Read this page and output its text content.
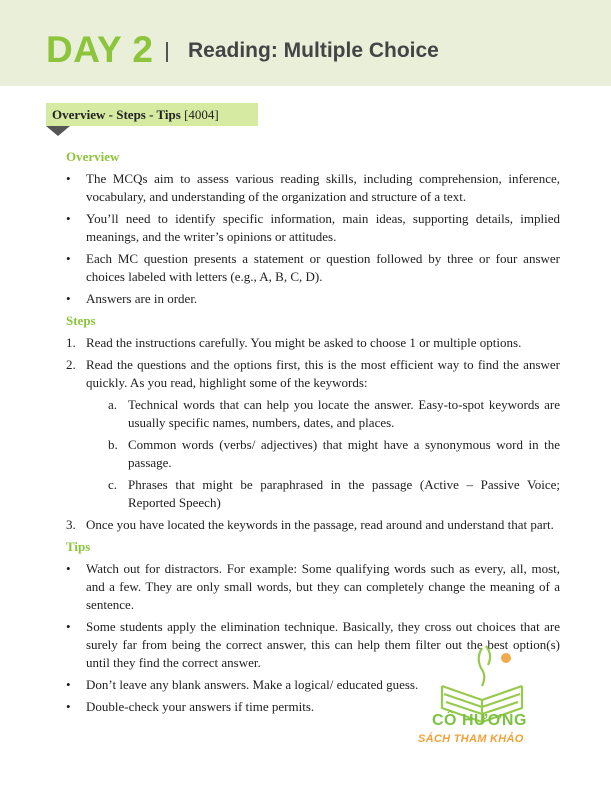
DAY 2 Reading: Multiple Choice
Overview - Steps - Tips [4004]
Overview
• The MCQs aim to assess various reading skills, including comprehension, inference, vocabulary, and understanding of the organization and structure of a text.
• You’ll need to identify specific information, main ideas, supporting details, implied meanings, and the writer’s opinions or attitudes.
• Each MC question presents a statement or question followed by three or four answer choices labeled with letters (e.g., A, B, C, D).
• Answers are in order.
Steps
1. Read the instructions carefully. You might be asked to choose 1 or multiple options.
2. Read the questions and the options first, this is the most efficient way to find the answer quickly. As you read, highlight some of the keywords:
a. Technical words that can help you locate the answer. Easy-to-spot keywords are usually specific names, numbers, dates, and places.
b. Common words (verbs/ adjectives) that might have a synonymous word in the passage.
c. Phrases that might be paraphrased in the passage (Active – Passive Voice; Reported Speech)
3. Once you have located the keywords in the passage, read around and understand that part.
Tips
• Watch out for distractors. For example: Some qualifying words such as every, all, most, and a few. They are only small words, but they can completely change the meaning of a sentence.
• Some students apply the elimination technique. Basically, they cross out choices that are surely far from being the correct answer, this can help them filter out the best option(s) until they find the correct answer.
• Don’t leave any blank answers. Make a logical/ educated guess.
• Double-check your answers if time permits.
CÔ HƯƠNG
SÁCH THAM KHẢO
